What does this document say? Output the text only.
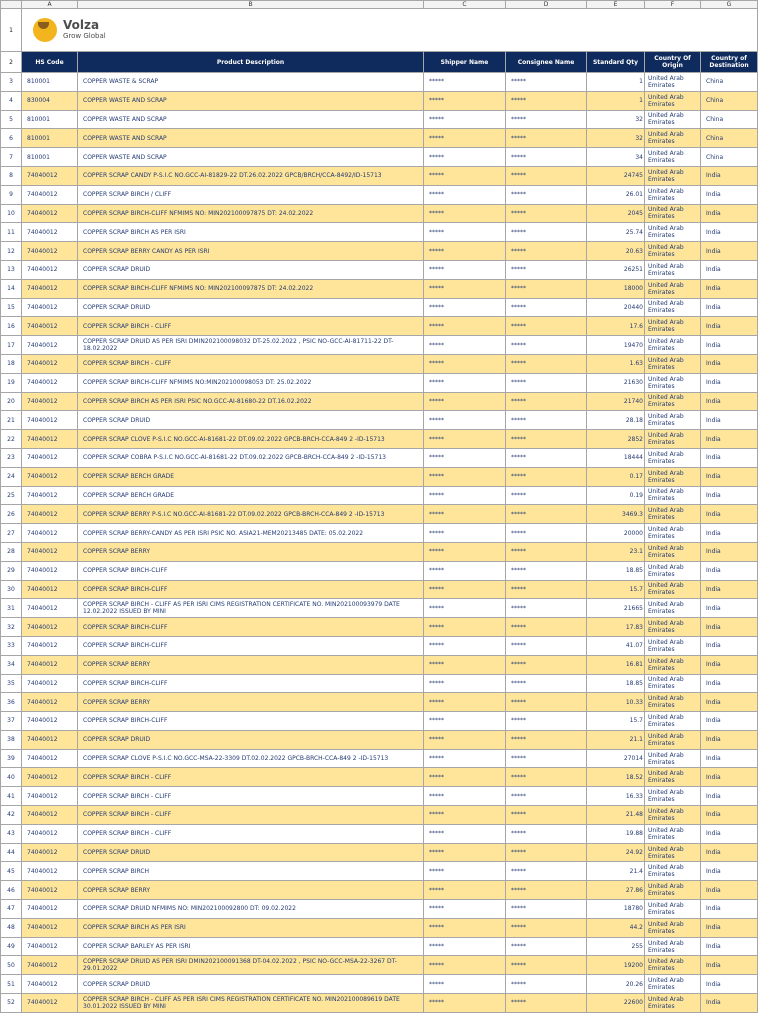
	A	B	C	D	E	F	G
1	Volza
Grow Global						

2	HS Code	Product Description	Shipper Name	Consignee Name	Standard Qty	Country Of Origin	Country of Destination
3	810001	COPPER WASTE & SCRAP	*****	*****	1	United Arab Emirates	China
4	830004	COPPER WASTE AND SCRAP	*****	*****	1	United Arab Emirates	China
5	810001	COPPER WASTE AND SCRAP	*****	*****	32	United Arab Emirates	China
6	810001	COPPER WASTE AND SCRAP	*****	*****	32	United Arab Emirates	China
7	810001	COPPER WASTE AND SCRAP	*****	*****	34	United Arab Emirates	China
8	74040012	COPPER SCRAP CANDY P-S.I.C NO.GCC-AI-81829-22 DT.26.02.2022 GPCB/BRCH/CCA-8492/ID-15713	*****	*****	24745	United Arab Emirates	India
9	74040012	COPPER SCRAP BIRCH / CLIFF	*****	*****	26.01	United Arab Emirates	India
10	74040012	COPPER SCRAP BIRCH-CLIFF NFMIMS NO: MIN202100097875 DT: 24.02.2022	*****	*****	2045	United Arab Emirates	India
11	74040012	COPPER SCRAP BIRCH AS PER ISRI	*****	*****	25.74	United Arab Emirates	India
12	74040012	COPPER SCRAP BERRY CANDY AS PER ISRI	*****	*****	20.63	United Arab Emirates	India
13	74040012	COPPER SCRAP DRUID	*****	*****	26251	United Arab Emirates	India
14	74040012	COPPER SCRAP BIRCH-CLIFF NFMIMS NO: MIN202100097875 DT: 24.02.2022	*****	*****	18000	United Arab Emirates	India
15	74040012	COPPER SCRAP DRUID	*****	*****	20440	United Arab Emirates	India
16	74040012	COPPER SCRAP BIRCH - CLIFF	*****	*****	17.6	United Arab Emirates	India
17	74040012	COPPER SCRAP DRUID AS PER ISRI DMIN202100098032 DT-25.02.2022 , PSIC NO-GCC-AI-81711-22 DT-18.02.2022	*****	*****	19470	United Arab Emirates	India
18	74040012	COPPER SCRAP BIRCH - CLIFF	*****	*****	1.63	United Arab Emirates	India
19	74040012	COPPER SCRAP BIRCH-CLIFF NFMIMS NO:MIN202100098053 DT: 25.02.2022	*****	*****	21630	United Arab Emirates	India
20	74040012	COPPER SCRAP BIRCH AS PER ISRI PSIC NO.GCC-AI-81680-22 DT.16.02.2022	*****	*****	21740	United Arab Emirates	India
21	74040012	COPPER SCRAP DRUID	*****	*****	28.18	United Arab Emirates	India
22	74040012	COPPER SCRAP CLOVE P-S.I.C NO.GCC-AI-81681-22 DT.09.02.2022 GPCB-BRCH-CCA-849 2 -ID-15713	*****	*****	2852	United Arab Emirates	India
23	74040012	COPPER SCRAP COBRA P-S.I.C NO.GCC-AI-81681-22 DT.09.02.2022 GPCB-BRCH-CCA-849 2 -ID-15713	*****	*****	18444	United Arab Emirates	India
24	74040012	COPPER SCRAP BERCH GRADE	*****	*****	0.17	United Arab Emirates	India
25	74040012	COPPER SCRAP BERCH GRADE	*****	*****	0.19	United Arab Emirates	India
26	74040012	COPPER SCRAP BERRY P-S.I.C NO.GCC-AI-81681-22 DT.09.02.2022 GPCB-BRCH-CCA-849 2 -ID-15713	*****	*****	3469.3	United Arab Emirates	India
27	74040012	COPPER SCRAP BERRY-CANDY AS PER ISRI PSIC NO. ASIA21-MEM20213485 DATE: 05.02.2022	*****	*****	20000	United Arab Emirates	India
28	74040012	COPPER SCRAP BERRY	*****	*****	23.1	United Arab Emirates	India
29	74040012	COPPER SCRAP BIRCH-CLIFF	*****	*****	18.85	United Arab Emirates	India
30	74040012	COPPER SCRAP BIRCH-CLIFF	*****	*****	15.7	United Arab Emirates	India
31	74040012	COPPER SCRAP BIRCH - CLIFF AS PER ISRI CIMS REGISTRATION CERTIFICATE NO. MIN202100093979 DATE 12.02.2022 ISSUED BY MINI	*****	*****	21665	United Arab Emirates	India
32	74040012	COPPER SCRAP BIRCH-CLIFF	*****	*****	17.83	United Arab Emirates	India
33	74040012	COPPER SCRAP BIRCH-CLIFF	*****	*****	41.07	United Arab Emirates	India
34	74040012	COPPER SCRAP BERRY	*****	*****	16.81	United Arab Emirates	India
35	74040012	COPPER SCRAP BIRCH-CLIFF	*****	*****	18.85	United Arab Emirates	India
36	74040012	COPPER SCRAP BERRY	*****	*****	10.33	United Arab Emirates	India
37	74040012	COPPER SCRAP BIRCH-CLIFF	*****	*****	15.7	United Arab Emirates	India
38	74040012	COPPER SCRAP DRUID	*****	*****	21.1	United Arab Emirates	India
39	74040012	COPPER SCRAP CLOVE P-S.I.C NO.GCC-MSA-22-3309 DT.02.02.2022 GPCB-BRCH-CCA-849 2 -ID-15713	*****	*****	27014	United Arab Emirates	India
40	74040012	COPPER SCRAP BIRCH - CLIFF	*****	*****	18.52	United Arab Emirates	India
41	74040012	COPPER SCRAP BIRCH - CLIFF	*****	*****	16.33	United Arab Emirates	India
42	74040012	COPPER SCRAP BIRCH - CLIFF	*****	*****	21.48	United Arab Emirates	India
43	74040012	COPPER SCRAP BIRCH - CLIFF	*****	*****	19.88	United Arab Emirates	India
44	74040012	COPPER SCRAP DRUID	*****	*****	24.92	United Arab Emirates	India
45	74040012	COPPER SCRAP BIRCH	*****	*****	21.4	United Arab Emirates	India
46	74040012	COPPER SCRAP BERRY	*****	*****	27.86	United Arab Emirates	India
47	74040012	COPPER SCRAP DRUID NFMIMS NO: MIN202100092800 DT: 09.02.2022	*****	*****	18780	United Arab Emirates	India
48	74040012	COPPER SCRAP BIRCH AS PER ISRI	*****	*****	44.2	United Arab Emirates	India
49	74040012	COPPER SCRAP BARLEY AS PER ISRI	*****	*****	255	United Arab Emirates	India
50	74040012	COPPER SCRAP DRUID AS PER ISRI DMIN202100091368 DT-04.02.2022 , PSIC NO-GCC-MSA-22-3267 DT-29.01.2022	*****	*****	19200	United Arab Emirates	India
51	74040012	COPPER SCRAP DRUID	*****	*****	20.26	United Arab Emirates	India
52	74040012	COPPER SCRAP BIRCH - CLIFF AS PER ISRI CIMS REGISTRATION CERTIFICATE NO. MIN202100089619 DATE 30.01.2022 ISSUED BY MINI	*****	*****	22600	United Arab Emirates	India
